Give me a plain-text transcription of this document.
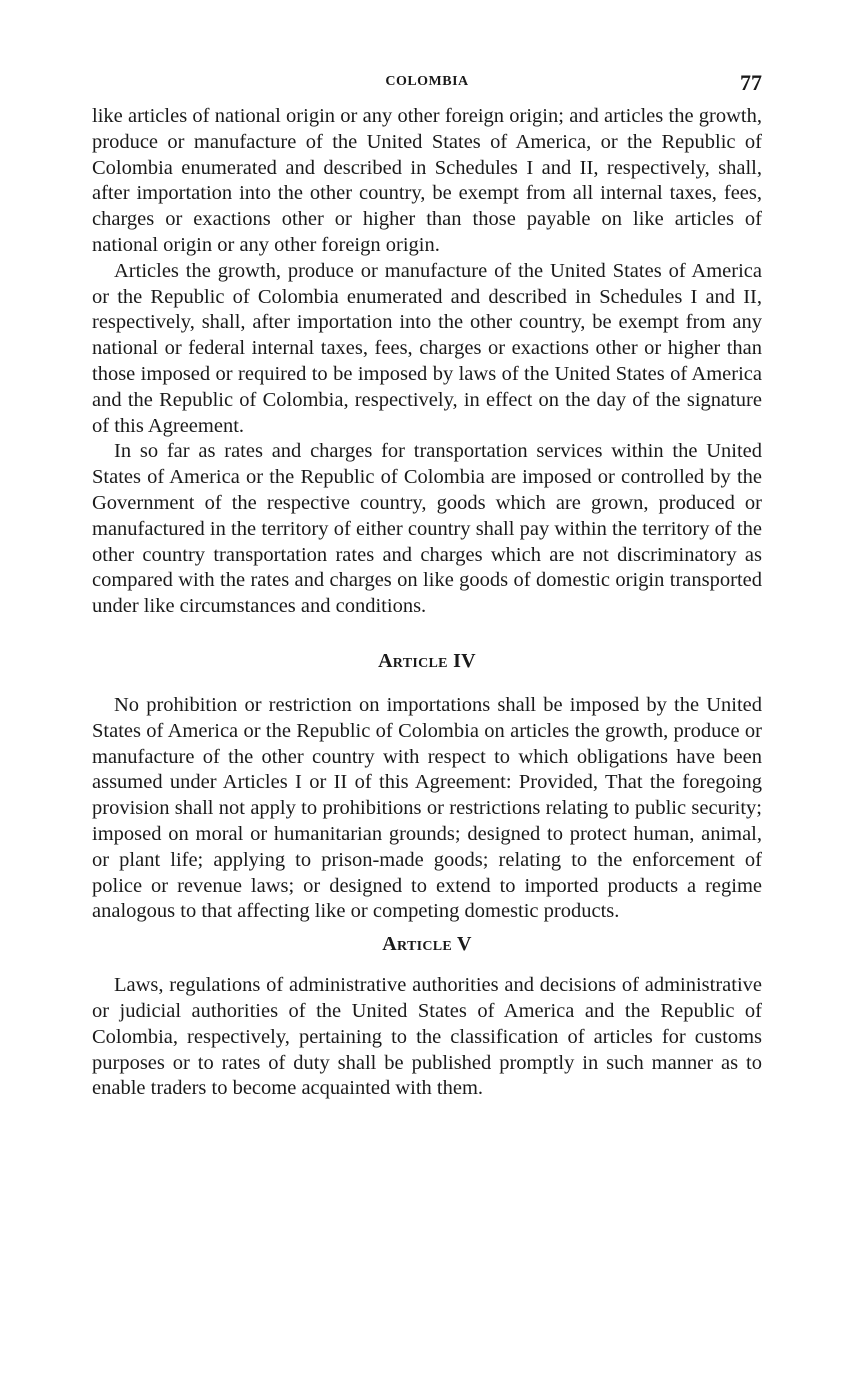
COLOMBIA	77

like articles of national origin or any other foreign origin; and articles the growth, produce or manufacture of the United States of America, or the Republic of Colombia enumerated and described in Schedules I and II, respectively, shall, after importation into the other country, be exempt from all internal taxes, fees, charges or exactions other or higher than those payable on like articles of national origin or any other foreign origin.

Articles the growth, produce or manufacture of the United States of America or the Republic of Colombia enumerated and described in Schedules I and II, respectively, shall, after importation into the other country, be exempt from any national or federal internal taxes, fees, charges or exactions other or higher than those imposed or required to be imposed by laws of the United States of America and the Republic of Colombia, respectively, in effect on the day of the signature of this Agreement.

In so far as rates and charges for transportation services within the United States of America or the Republic of Colombia are imposed or controlled by the Government of the respective country, goods which are grown, produced or manufactured in the territory of either country shall pay within the territory of the other country transportation rates and charges which are not discriminatory as compared with the rates and charges on like goods of domestic origin transported under like circumstances and conditions.

Article IV

No prohibition or restriction on importations shall be imposed by the United States of America or the Republic of Colombia on articles the growth, produce or manufacture of the other country with respect to which obligations have been assumed under Articles I or II of this Agreement: Provided, That the foregoing provision shall not apply to prohibitions or restrictions relating to public security; imposed on moral or humanitarian grounds; designed to protect human, animal, or plant life; applying to prison-made goods; relating to the enforcement of police or revenue laws; or designed to extend to imported products a regime analogous to that affecting like or competing domestic products.

Article V

Laws, regulations of administrative authorities and decisions of administrative or judicial authorities of the United States of America and the Republic of Colombia, respectively, pertaining to the classification of articles for customs purposes or to rates of duty shall be published promptly in such manner as to enable traders to become acquainted with them.
